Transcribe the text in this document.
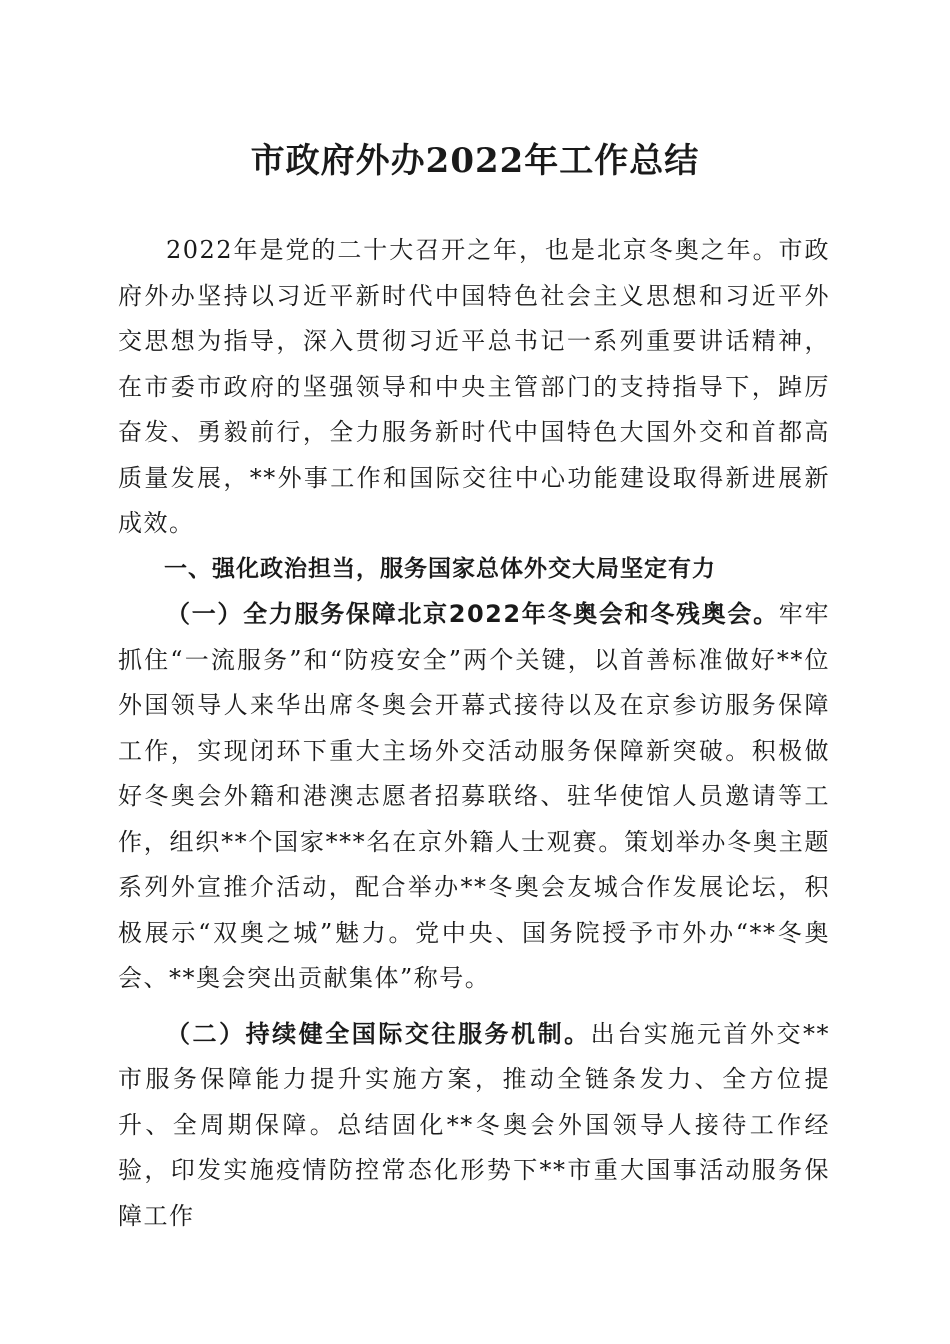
市政府外办2022年工作总结

2022年是党的二十大召开之年，也是北京冬奥之年。市政府外办坚持以习近平新时代中国特色社会主义思想和习近平外交思想为指导，深入贯彻习近平总书记一系列重要讲话精神，在市委市政府的坚强领导和中央主管部门的支持指导下，踔厉奋发、勇毅前行，全力服务新时代中国特色大国外交和首都高质量发展，**外事工作和国际交往中心功能建设取得新进展新成效。

一、强化政治担当，服务国家总体外交大局坚定有力

（一）全力服务保障北京2022年冬奥会和冬残奥会。牢牢抓住“一流服务”和“防疫安全”两个关键，以首善标准做好**位外国领导人来华出席冬奥会开幕式接待以及在京参访服务保障工作，实现闭环下重大主场外交活动服务保障新突破。积极做好冬奥会外籍和港澳志愿者招募联络、驻华使馆人员邀请等工作，组织**个国家***名在京外籍人士观赛。策划举办冬奥主题系列外宣推介活动，配合举办**冬奥会友城合作发展论坛，积极展示“双奥之城”魅力。党中央、国务院授予市外办“**冬奥会、**奥会突出贡献集体”称号。

（二）持续健全国际交往服务机制。出台实施元首外交**市服务保障能力提升实施方案，推动全链条发力、全方位提升、全周期保障。总结固化**冬奥会外国领导人接待工作经验，印发实施疫情防控常态化形势下**市重大国事活动服务保障工作
